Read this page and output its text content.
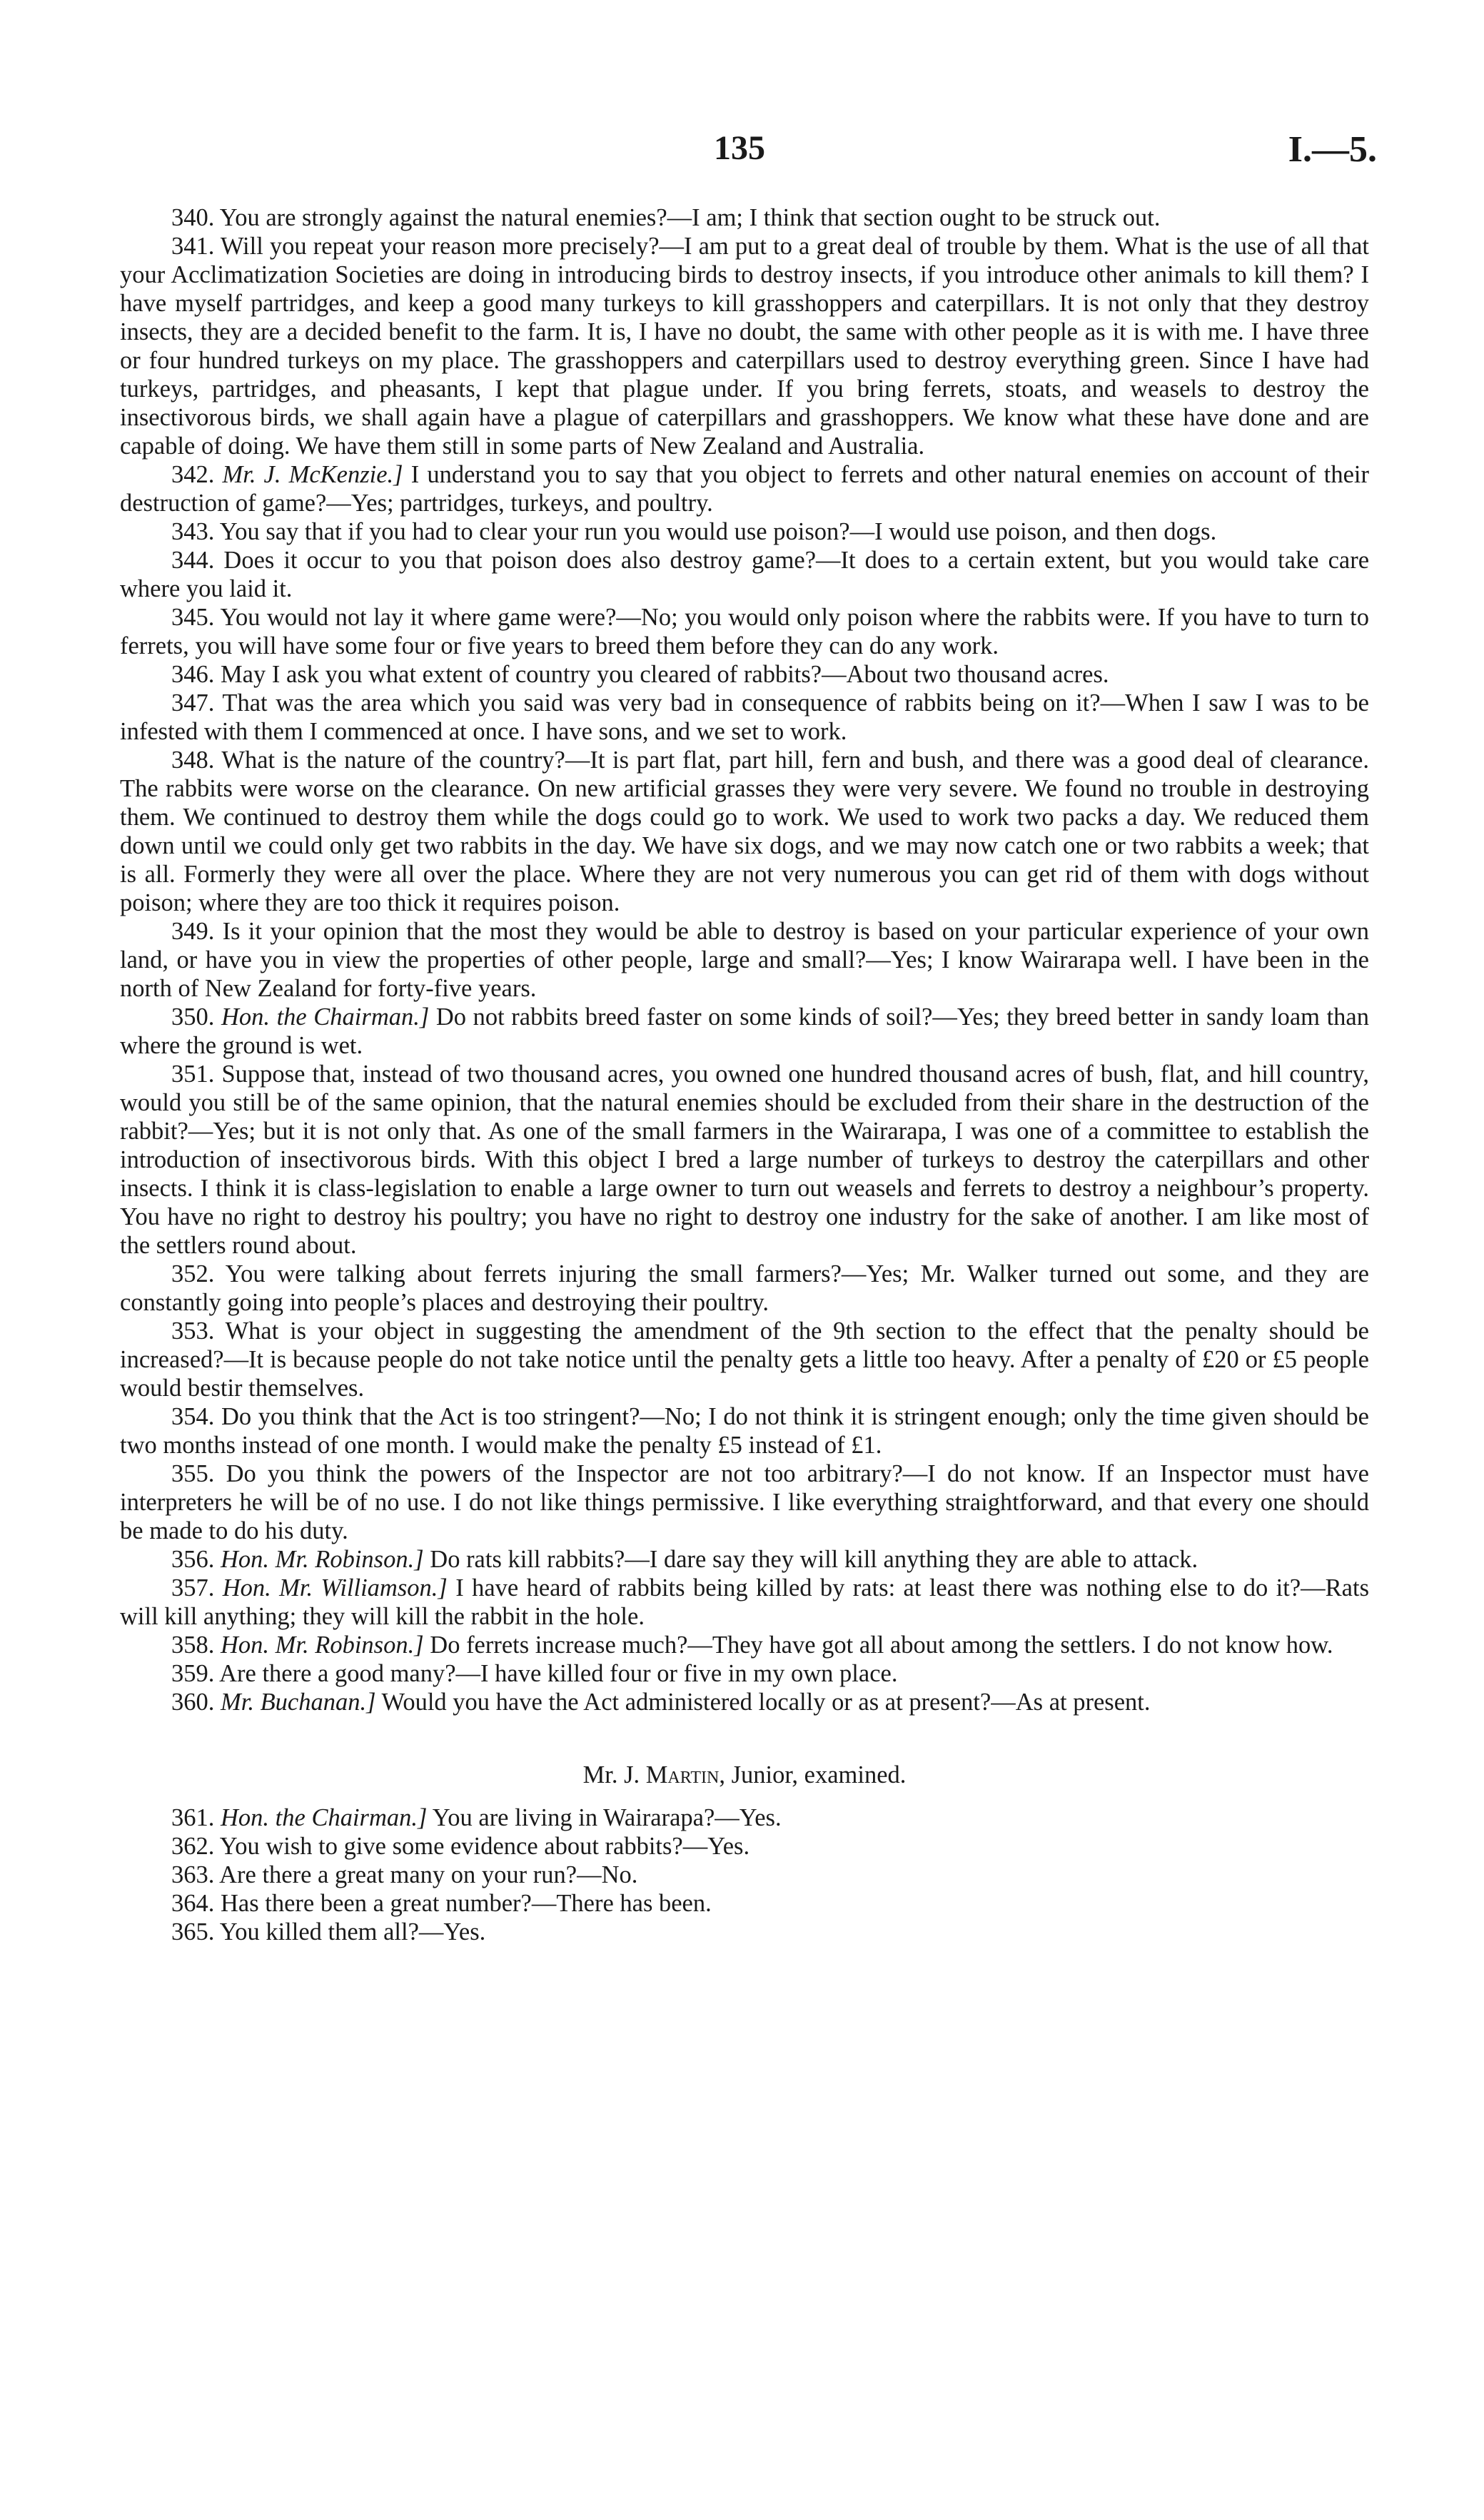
135	I.—5.

340. You are strongly against the natural enemies?—I am; I think that section ought to be struck out.

341. Will you repeat your reason more precisely?—I am put to a great deal of trouble by them. What is the use of all that your Acclimatization Societies are doing in introducing birds to destroy insects, if you introduce other animals to kill them? I have myself partridges, and keep a good many turkeys to kill grasshoppers and caterpillars. It is not only that they destroy insects, they are a decided benefit to the farm. It is, I have no doubt, the same with other people as it is with me. I have three or four hundred turkeys on my place. The grasshoppers and caterpillars used to destroy everything green. Since I have had turkeys, partridges, and pheasants, I kept that plague under. If you bring ferrets, stoats, and weasels to destroy the insectivorous birds, we shall again have a plague of caterpillars and grasshoppers. We know what these have done and are capable of doing. We have them still in some parts of New Zealand and Australia.

342. Mr. J. McKenzie.] I understand you to say that you object to ferrets and other natural enemies on account of their destruction of game?—Yes; partridges, turkeys, and poultry.

343. You say that if you had to clear your run you would use poison?—I would use poison, and then dogs.

344. Does it occur to you that poison does also destroy game?—It does to a certain extent, but you would take care where you laid it.

345. You would not lay it where game were?—No; you would only poison where the rabbits were. If you have to turn to ferrets, you will have some four or five years to breed them before they can do any work.

346. May I ask you what extent of country you cleared of rabbits?—About two thousand acres.

347. That was the area which you said was very bad in consequence of rabbits being on it?—When I saw I was to be infested with them I commenced at once. I have sons, and we set to work.

348. What is the nature of the country?—It is part flat, part hill, fern and bush, and there was a good deal of clearance. The rabbits were worse on the clearance. On new artificial grasses they were very severe. We found no trouble in destroying them. We continued to destroy them while the dogs could go to work. We used to work two packs a day. We reduced them down until we could only get two rabbits in the day. We have six dogs, and we may now catch one or two rabbits a week; that is all. Formerly they were all over the place. Where they are not very numerous you can get rid of them with dogs without poison; where they are too thick it requires poison.

349. Is it your opinion that the most they would be able to destroy is based on your particular experience of your own land, or have you in view the properties of other people, large and small?—Yes; I know Wairarapa well. I have been in the north of New Zealand for forty-five years.

350. Hon. the Chairman.] Do not rabbits breed faster on some kinds of soil?—Yes; they breed better in sandy loam than where the ground is wet.

351. Suppose that, instead of two thousand acres, you owned one hundred thousand acres of bush, flat, and hill country, would you still be of the same opinion, that the natural enemies should be excluded from their share in the destruction of the rabbit?—Yes; but it is not only that. As one of the small farmers in the Wairarapa, I was one of a committee to establish the introduction of insectivorous birds. With this object I bred a large number of turkeys to destroy the caterpillars and other insects. I think it is class-legislation to enable a large owner to turn out weasels and ferrets to destroy a neighbour’s property. You have no right to destroy his poultry; you have no right to destroy one industry for the sake of another. I am like most of the settlers round about.

352. You were talking about ferrets injuring the small farmers?—Yes; Mr. Walker turned out some, and they are constantly going into people’s places and destroying their poultry.

353. What is your object in suggesting the amendment of the 9th section to the effect that the penalty should be increased?—It is because people do not take notice until the penalty gets a little too heavy. After a penalty of £20 or £5 people would bestir themselves.

354. Do you think that the Act is too stringent?—No; I do not think it is stringent enough; only the time given should be two months instead of one month. I would make the penalty £5 instead of £1.

355. Do you think the powers of the Inspector are not too arbitrary?—I do not know. If an Inspector must have interpreters he will be of no use. I do not like things permissive. I like everything straightforward, and that every one should be made to do his duty.

356. Hon. Mr. Robinson.] Do rats kill rabbits?—I dare say they will kill anything they are able to attack.

357. Hon. Mr. Williamson.] I have heard of rabbits being killed by rats: at least there was nothing else to do it?—Rats will kill anything; they will kill the rabbit in the hole.

358. Hon. Mr. Robinson.] Do ferrets increase much?—They have got all about among the settlers. I do not know how.

359. Are there a good many?—I have killed four or five in my own place.

360. Mr. Buchanan.] Would you have the Act administered locally or as at present?—As at present.

Mr. J. Martin, Junior, examined.

361. Hon. the Chairman.] You are living in Wairarapa?—Yes.

362. You wish to give some evidence about rabbits?—Yes.

363. Are there a great many on your run?—No.

364. Has there been a great number?—There has been.

365. You killed them all?—Yes.
